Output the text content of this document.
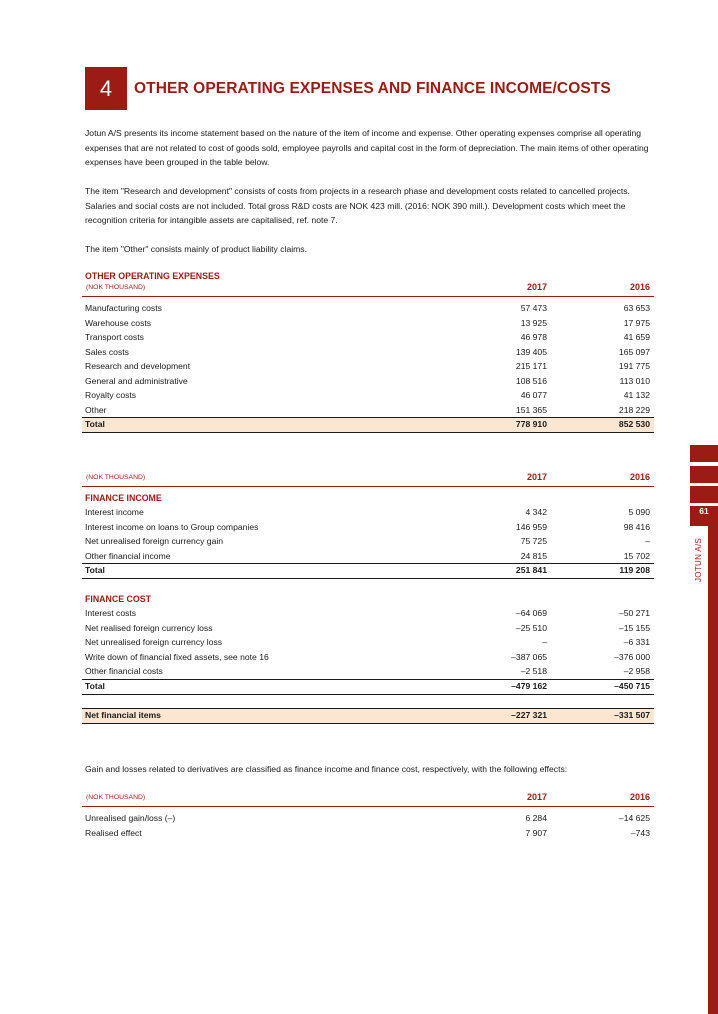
4 OTHER OPERATING EXPENSES AND FINANCE INCOME/COSTS

Jotun A/S presents its income statement based on the nature of the item of income and expense. Other operating expenses comprise all operating expenses that are not related to cost of goods sold, employee payrolls and capital cost in the form of depreciation. The main items of other operating expenses have been grouped in the table below.

The item "Research and development" consists of costs from projects in a research phase and development costs related to cancelled projects. Salaries and social costs are not included. Total gross R&D costs are NOK 423 mill. (2016: NOK 390 mill.). Development costs which meet the recognition criteria for intangible assets are capitalised, ref. note 7.

The item "Other" consists mainly of product liability claims.

OTHER OPERATING EXPENSES

(NOK THOUSAND)	2017	2016
Manufacturing costs	57 473	63 653
Warehouse costs	13 925	17 975
Transport costs	46 978	41 659
Sales costs	139 405	165 097
Research and development	215 171	191 775
General and administrative	108 516	113 010
Royalty costs	46 077	41 132
Other	151 365	218 229
Total	778 910	852 530
(NOK THOUSAND)	2017	2016

FINANCE INCOME

Interest income	4 342	5 090
Interest income on loans to Group companies	146 959	98 416
Net unrealised foreign currency gain	75 725	–
Other financial income	24 815	15 702
Total	251 841	119 208

FINANCE COST

Interest costs	–64 069	–50 271
Net realised foreign currency loss	–25 510	–15 155
Net unrealised foreign currency loss	–	–6 331
Write down of financial fixed assets, see note 16	–387 065	–376 000
Other financial costs	–2 518	–2 958
Total	–479 162	–450 715
Net financial items	–227 321	–331 507

Gain and losses related to derivatives are classified as finance income and finance cost, respectively, with the following effects:

(NOK THOUSAND)	2017	2016
Unrealised gain/loss (–)	6 284	–14 625
Realised effect	7 907	–743
61
JOTUN A/S
